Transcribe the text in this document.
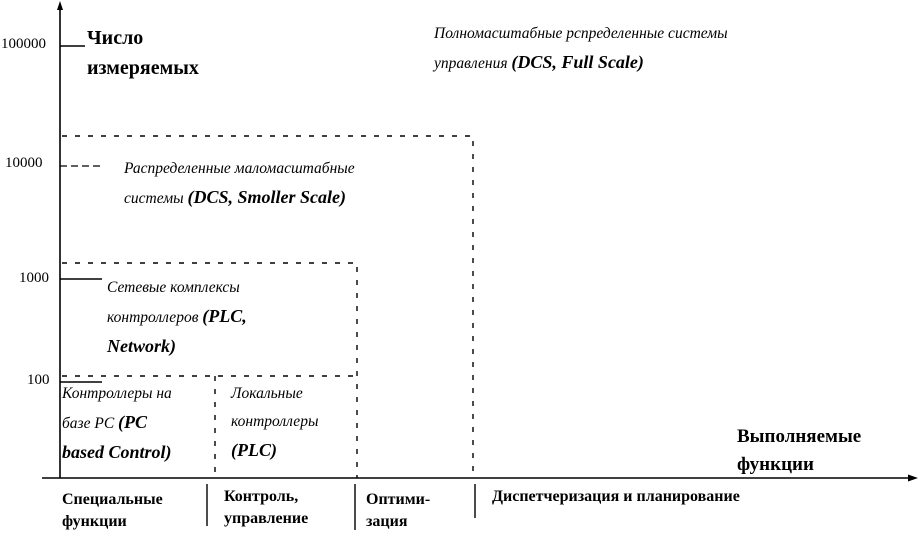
Число

измеряемых

100000

10000

1000

100

Полномасштабные рспределенные системы
управления (DCS, Full Scale)
Распределенные маломасштабные
системы (DCS, Smoller Scale)
Сетевые комплексы
контроллеров (PLC,
Network)
Контроллеры на
базе PC (PC
based Control)
Локальные
контроллеры
(PLC)

Выполняемые

функции

Специальные
функции
Контроль,
управление
Оптими-
зация
Диспетчеризация и планирование
